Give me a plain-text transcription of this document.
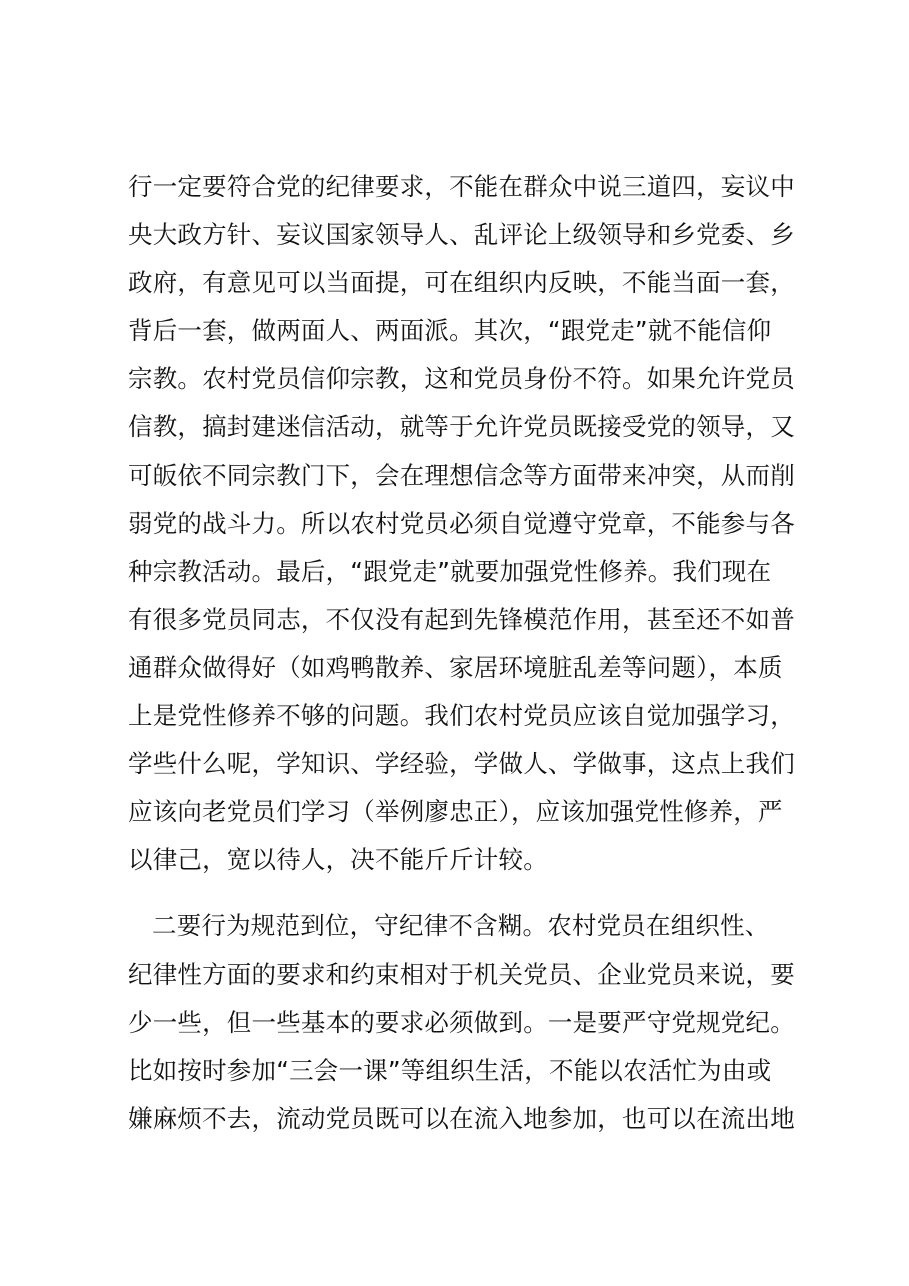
行一定要符合党的纪律要求，不能在群众中说三道四，妄议中
央大政方针、妄议国家领导人、乱评论上级领导和乡党委、乡
政府，有意见可以当面提，可在组织内反映，不能当面一套，
背后一套，做两面人、两面派。其次，“跟党走”就不能信仰
宗教。农村党员信仰宗教，这和党员身份不符。如果允许党员
信教，搞封建迷信活动，就等于允许党员既接受党的领导，又
可皈依不同宗教门下，会在理想信念等方面带来冲突，从而削
弱党的战斗力。所以农村党员必须自觉遵守党章，不能参与各
种宗教活动。最后，“跟党走”就要加强党性修养。我们现在
有很多党员同志，不仅没有起到先锋模范作用，甚至还不如普
通群众做得好（如鸡鸭散养、家居环境脏乱差等问题），本质
上是党性修养不够的问题。我们农村党员应该自觉加强学习，
学些什么呢，学知识、学经验，学做人、学做事，这点上我们
应该向老党员们学习（举例廖忠正），应该加强党性修养，严
以律己，宽以待人，决不能斤斤计较。
二要行为规范到位，守纪律不含糊。农村党员在组织性、
纪律性方面的要求和约束相对于机关党员、企业党员来说，要
少一些，但一些基本的要求必须做到。一是要严守党规党纪。
比如按时参加“三会一课”等组织生活，不能以农活忙为由或
嫌麻烦不去，流动党员既可以在流入地参加，也可以在流出地
